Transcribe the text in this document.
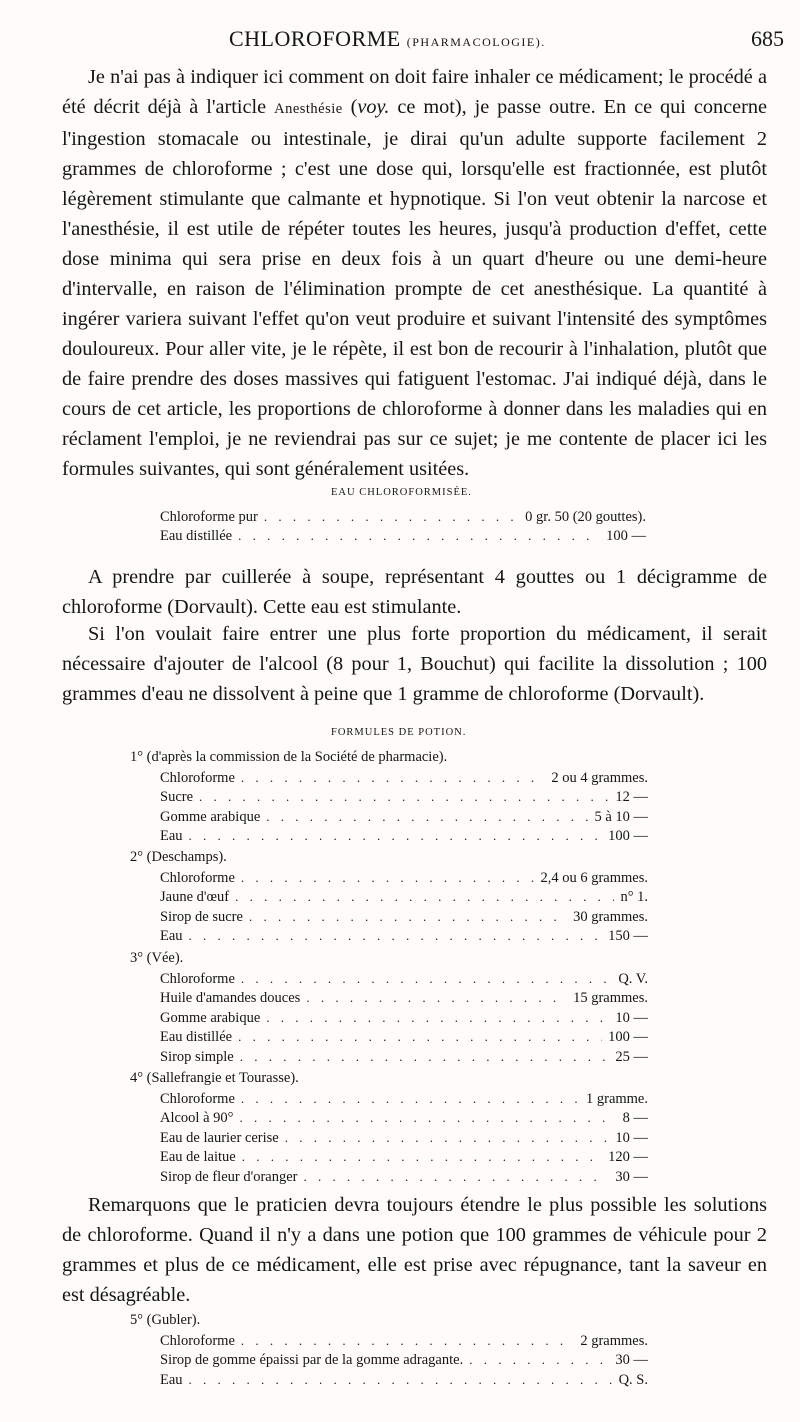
CHLOROFORME (PHARMACOLOGIE).	685
Je n'ai pas à indiquer ici comment on doit faire inhaler ce médicament; le procédé a été décrit déjà à l'article Anesthésie (voy. ce mot), je passe outre. En ce qui concerne l'ingestion stomacale ou intestinale, je dirai qu'un adulte supporte facilement 2 grammes de chloroforme ; c'est une dose qui, lorsqu'elle est fractionnée, est plutôt légèrement stimulante que calmante et hypnotique. Si l'on veut obtenir la narcose et l'anesthésie, il est utile de répéter toutes les heures, jusqu'à production d'effet, cette dose minima qui sera prise en deux fois à un quart d'heure ou une demi-heure d'intervalle, en raison de l'élimination prompte de cet anesthésique. La quantité à ingérer variera suivant l'effet qu'on veut produire et suivant l'intensité des symptômes douloureux. Pour aller vite, je le répète, il est bon de recourir à l'inhalation, plutôt que de faire prendre des doses massives qui fatiguent l'estomac. J'ai indiqué déjà, dans le cours de cet article, les proportions de chloroforme à donner dans les maladies qui en réclament l'emploi, je ne reviendrai pas sur ce sujet; je me contente de placer ici les formules suivantes, qui sont généralement usitées.
EAU CHLOROFORMISÉE.
Chloroforme pur . . .	0 gr. 50 (20 gouttes).
Eau distillée . . .	100 —
A prendre par cuillerée à soupe, représentant 4 gouttes ou 1 décigramme de chloroforme (Dorvault). Cette eau est stimulante.
Si l'on voulait faire entrer une plus forte proportion du médicament, il serait nécessaire d'ajouter de l'alcool (8 pour 1, Bouchut) qui facilite la dissolution ; 100 grammes d'eau ne dissolvent à peine que 1 gramme de chloroforme (Dorvault).
FORMULES DE POTION.
1° (d'après la commission de la Société de pharmacie).
Chloroforme . . .	2 ou 4 grammes.
Sucre . . .	12 —
Gomme arabique . . .	5 à 10 —
Eau . . .	100 —
2° (Deschamps).
Chloroforme . . .	2,4 ou 6 grammes.
Jaune d'œuf . . .	n° 1.
Sirop de sucre . . .	30 grammes.
Eau . . .	150 —
3° (Vée).
Chloroforme . . .	Q. V.
Huile d'amandes douces . . .	15 grammes.
Gomme arabique . . .	10 —
Eau distillée . . .	100 —
Sirop simple . . .	25 —
4° (Sallefrangie et Tourasse).
Chloroforme . . .	1 gramme.
Alcool à 90° . . .	8 —
Eau de laurier cerise . . .	10 —
Eau de laitue . . .	120 —
Sirop de fleur d'oranger . . .	30 —
Remarquons que le praticien devra toujours étendre le plus possible les solutions de chloroforme. Quand il n'y a dans une potion que 100 grammes de véhicule pour 2 grammes et plus de ce médicament, elle est prise avec répugnance, tant la saveur en est désagréable.
5° (Gubler).
Chloroforme . . .	2 grammes.
Sirop de gomme épaissi par de la gomme adragante. . . .	30 —
Eau . . .	Q. S.
